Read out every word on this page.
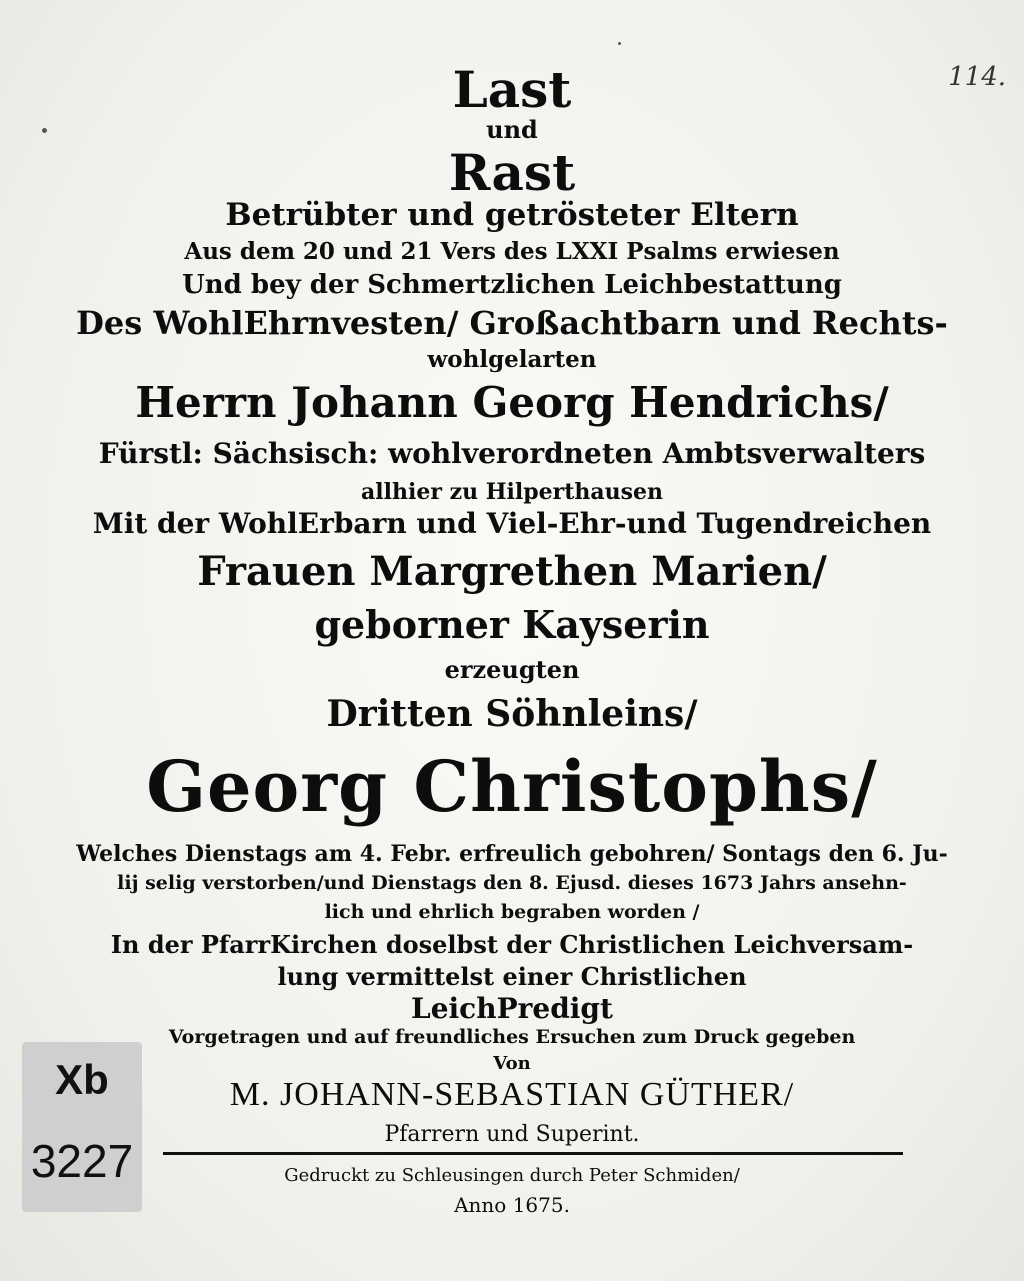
114.
Last
und
Rast
Betrübter und getrösteter Eltern
Aus dem 20 und 21 Vers des LXXI Psalms erwiesen
Und bey der Schmertzlichen Leichbestattung
Des WohlEhrnvesten/ Großachtbarn und Rechts-
wohlgelarten
Herrn Johann Georg Hendrichs/
Fürstl: Sächsisch: wohlverordneten Ambtsverwalters
allhier zu Hilperthausen
Mit der WohlErbarn und Viel-Ehr-und Tugendreichen
Frauen Margrethen Marien/
geborner Kayserin
erzeugten
Dritten Söhnleins/
Georg Christophs/
Welches Dienstags am 4. Febr. erfreulich gebohren/ Sontags den 6. Ju-
lij selig verstorben/und Dienstags den 8. Ejusd. dieses 1673 Jahrs ansehn-
lich und ehrlich begraben worden /
In der PfarrKirchen doselbst der Christlichen Leichversam-
lung vermittelst einer Christlichen
LeichPredigt
Vorgetragen und auf freundliches Ersuchen zum Druck gegeben
Von
M. JOHANN-SEBASTIAN GÜTHER/
Pfarrern und Superint.
Gedruckt zu Schleusingen durch Peter Schmiden/
Anno 1675.
Xb
3227
